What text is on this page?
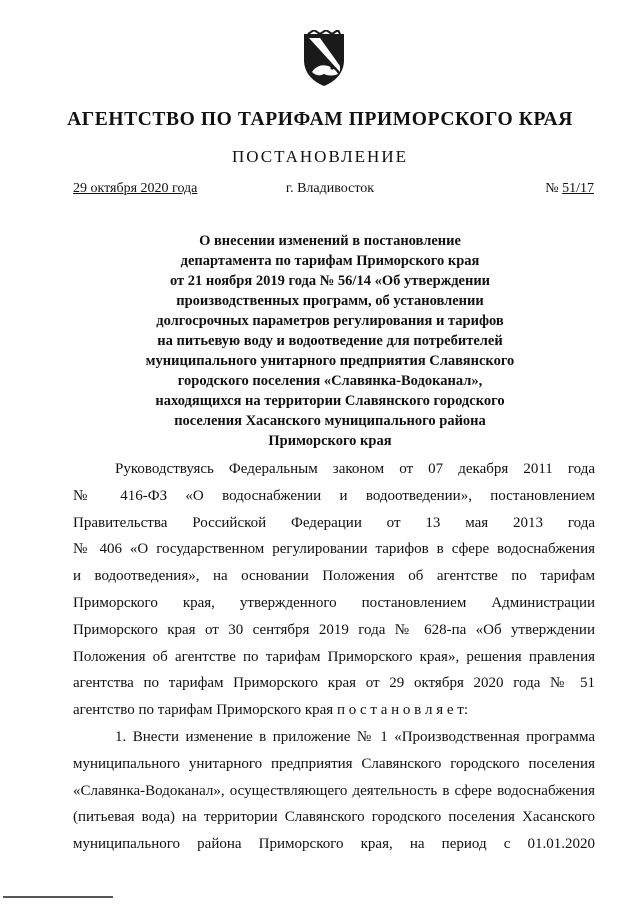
АГЕНТСТВО ПО ТАРИФАМ ПРИМОРСКОГО КРАЯ
ПОСТАНОВЛЕНИЕ
29 октября 2020 года	г. Владивосток	№ 51/17
О внесении изменений в постановление
департамента по тарифам Приморского края
от 21 ноября 2019 года № 56/14 «Об утверждении
производственных программ, об установлении
долгосрочных параметров регулирования и тарифов
на питьевую воду и водоотведение для потребителей
муниципального унитарного предприятия Славянского
городского поселения «Славянка-Водоканал»,
находящихся на территории Славянского городского
поселения Хасанского муниципального района
Приморского края
Руководствуясь Федеральным законом от 07 декабря 2011 года
№ 416-ФЗ «О водоснабжении и водоотведении», постановлением
Правительства Российской Федерации от 13 мая 2013 года
№ 406 «О государственном регулировании тарифов в сфере водоснабжения
и водоотведения», на основании Положения об агентстве по тарифам
Приморского края, утвержденного постановлением Администрации
Приморского края от 30 сентября 2019 года № 628-па «Об утверждении
Положения об агентстве по тарифам Приморского края», решения правления
агентства по тарифам Приморского края от 29 октября 2020 года № 51
агентство по тарифам Приморского края п о с т а н о в л я е т:
1. Внести изменение в приложение № 1 «Производственная программа
муниципального унитарного предприятия Славянского городского поселения
«Славянка-Водоканал», осуществляющего деятельность в сфере водоснабжения
(питьевая вода) на территории Славянского городского поселения Хасанского
муниципального района Приморского края, на период с 01.01.2020
